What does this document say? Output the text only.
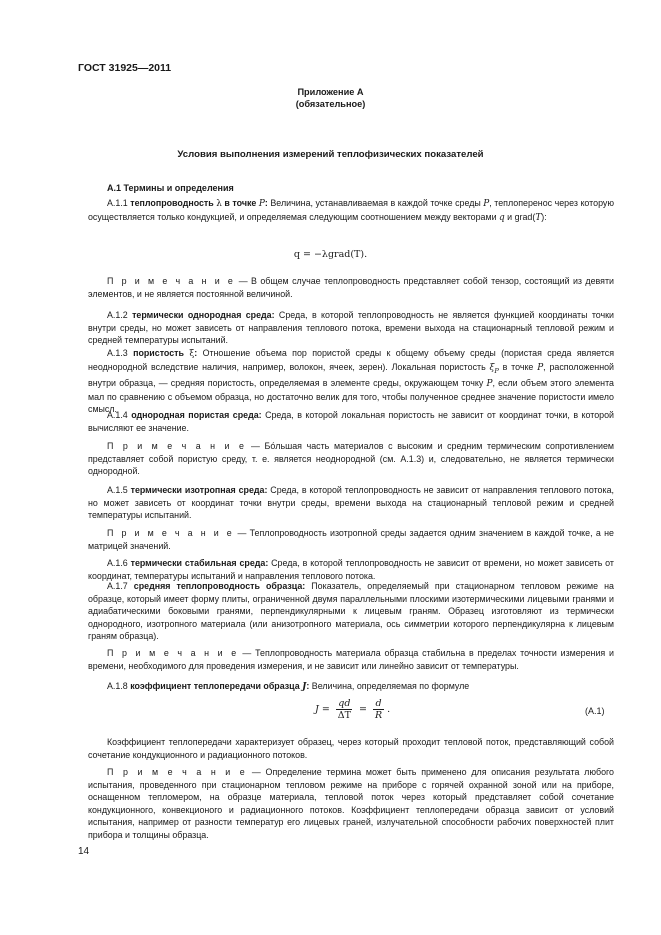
ГОСТ 31925—2011
Приложение А
(обязательное)
Условия выполнения измерений теплофизических показателей
А.1 Термины и определения

А.1.1 теплопроводность λ в точке P: Величина, устанавливаемая в каждой точке среды P, теплоперенос через которую осуществляется только кондукцией, и определяемая следующим соотношением между векторами q и grad(T):

q = −λgrad(T).

П р и м е ч а н и е — В общем случае теплопроводность представляет собой тензор, состоящий из девяти элементов, и не является постоянной величиной.

А.1.2 термически однородная среда: Среда, в которой теплопроводность не является функцией координаты точки внутри среды, но может зависеть от направления теплового потока, времени выхода на стационарный тепловой режим и средней температуры испытаний.

А.1.3 пористость ξ: Отношение объема пор пористой среды к общему объему среды (пористая среда является неоднородной вследствие наличия, например, волокон, ячеек, зерен). Локальная пористость $\xi_P$ в точке P, расположенной внутри образца, — средняя пористость, определяемая в элементе среды, окружающем точку P, если объем этого элемента мал по сравнению с объемом образца, но достаточно велик для того, чтобы полученное среднее значение пористости имело смысл.

А.1.4 однородная пористая среда: Среда, в которой локальная пористость не зависит от координат точки, в которой вычисляют ее значение.

П р и м е ч а н и е — Бо́льшая часть материалов с высоким и средним термическим сопротивлением представляет собой пористую среду, т. е. является неоднородной (см. А.1.3) и, следовательно, не является термически однородной.

А.1.5 термически изотропная среда: Среда, в которой теплопроводность не зависит от направления теплового потока, но может зависеть от координат точки внутри среды, времени выхода на стационарный тепловой режим и средней температуры испытаний.

П р и м е ч а н и е — Теплопроводность изотропной среды задается одним значением в каждой точке, а не матрицей значений.

А.1.6 термически стабильная среда: Среда, в которой теплопроводность не зависит от времени, но может зависеть от координат, температуры испытаний и направления теплового потока.

А.1.7 средняя теплопроводность образца: Показатель, определяемый при стационарном тепловом режиме на образце, который имеет форму плиты, ограниченной двумя параллельными плоскими изотермическими лицевыми гранями и адиабатическими боковыми гранями, перпендикулярными к лицевым граням. Образец изготовляют из термически однородного, изотропного материала (или анизотропного материала, ось симметрии которого перпендикулярна к лицевым граням образца).

П р и м е ч а н и е — Теплопроводность материала образца стабильна в пределах точности измерения и времени, необходимого для проведения измерения, и не зависит или линейно зависит от температуры.

А.1.8 коэффициент теплопередачи образца J: Величина, определяемая по формуле

$J = \frac{qd}{\Delta T} = \frac{d}{R}$ .	(А.1)

Коэффициент теплопередачи характеризует образец, через который проходит тепловой поток, представляющий собой сочетание кондукционного и радиационного потоков.

П р и м е ч а н и е — Определение термина может быть применено для описания результата любого испытания, проведенного при стационарном тепловом режиме на приборе с горячей охранной зоной или на приборе, оснащенном тепломером, на образце материала, тепловой поток через который представляет собой сочетание кондукционного, конвекционого и радиационного потоков. Коэффициент теплопередачи образца зависит от условий испытания, например от разности температур его лицевых граней, излучательной способности рабочих поверхностей плит прибора и толщины образца.

14
